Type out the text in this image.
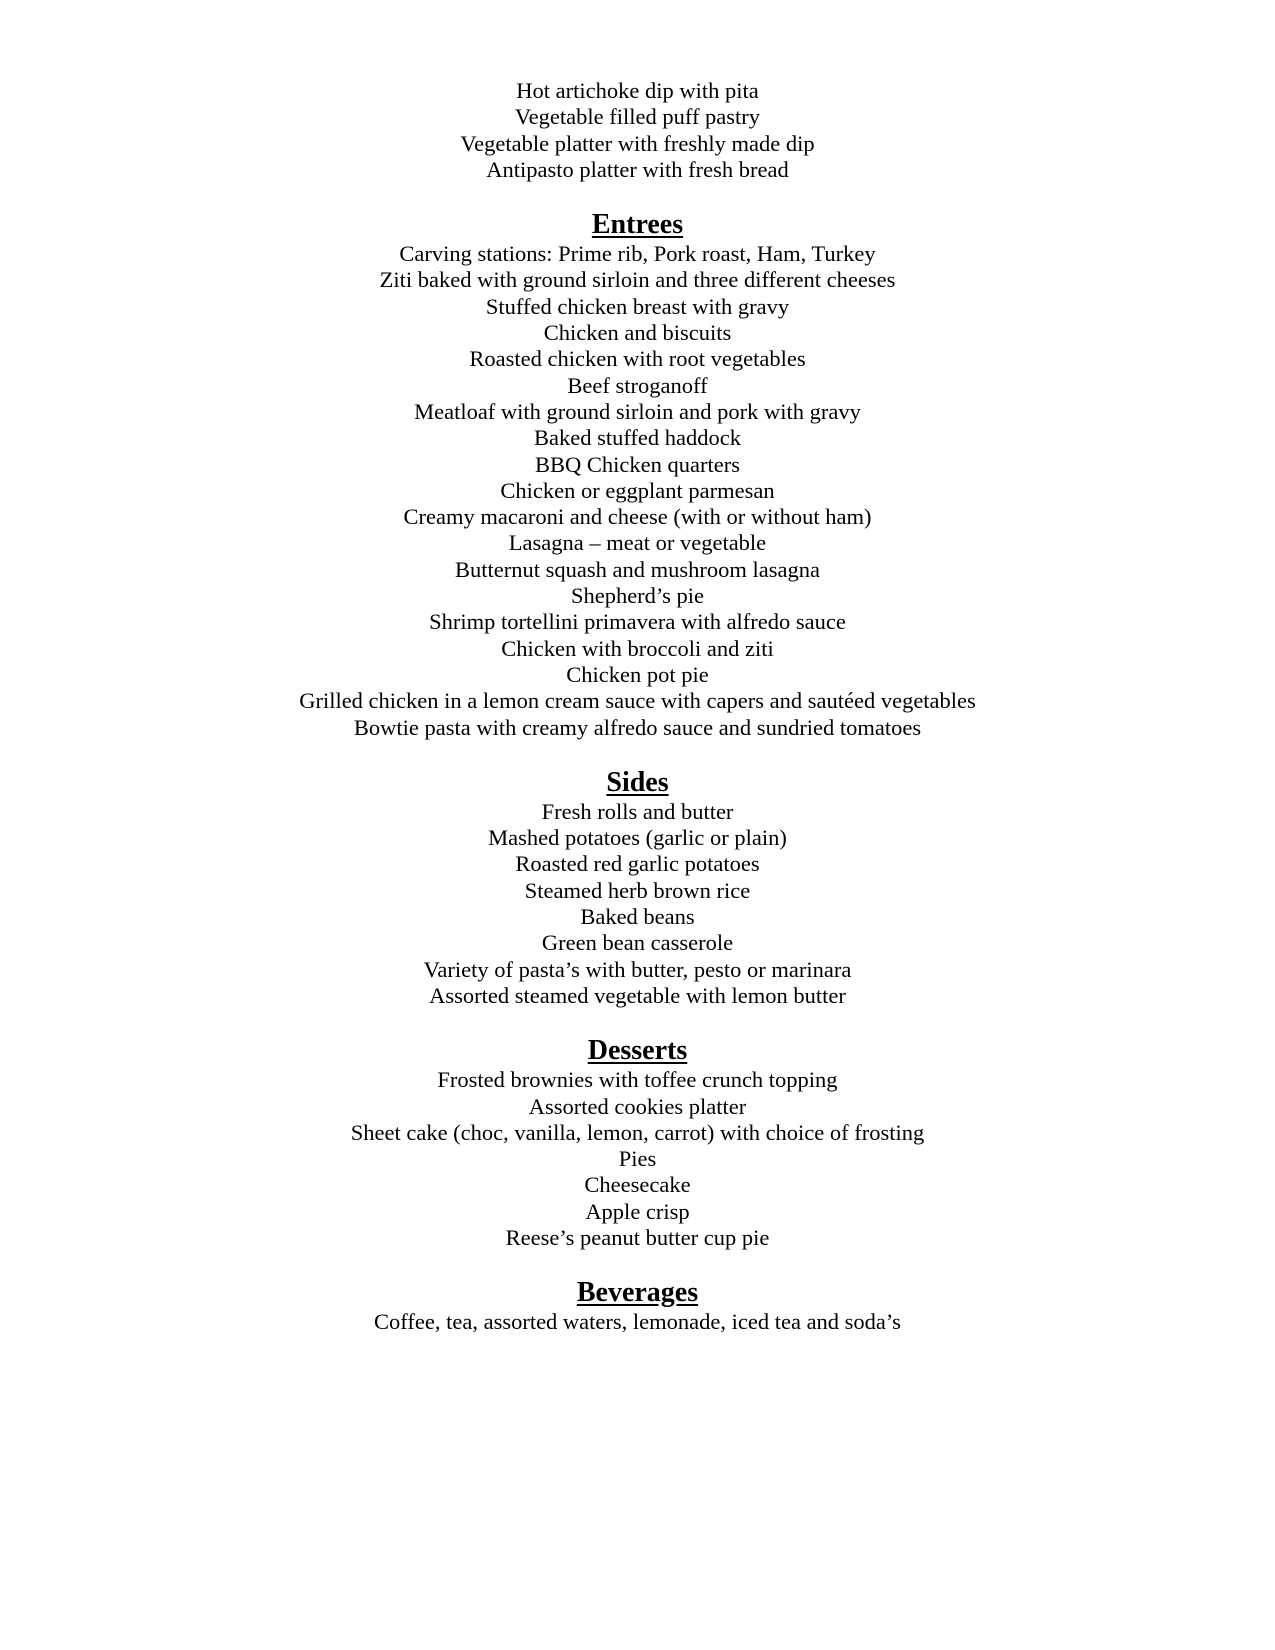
Hot artichoke dip with pita
Vegetable filled puff pastry
Vegetable platter with freshly made dip
Antipasto platter with fresh bread
Entrees
Carving stations: Prime rib, Pork roast, Ham, Turkey
Ziti baked with ground sirloin and three different cheeses
Stuffed chicken breast with gravy
Chicken and biscuits
Roasted chicken with root vegetables
Beef stroganoff
Meatloaf with ground sirloin and pork with gravy
Baked stuffed haddock
BBQ Chicken quarters
Chicken or eggplant parmesan
Creamy macaroni and cheese (with or without ham)
Lasagna – meat or vegetable
Butternut squash and mushroom lasagna
Shepherd’s pie
Shrimp tortellini primavera with alfredo sauce
Chicken with broccoli and ziti
Chicken pot pie
Grilled chicken in a lemon cream sauce with capers and sautéed vegetables
Bowtie pasta with creamy alfredo sauce and sundried tomatoes
Sides
Fresh rolls and butter
Mashed potatoes (garlic or plain)
Roasted red garlic potatoes
Steamed herb brown rice
Baked beans
Green bean casserole
Variety of pasta’s with butter, pesto or marinara
Assorted steamed vegetable with lemon butter
Desserts
Frosted brownies with toffee crunch topping
Assorted cookies platter
Sheet cake (choc, vanilla, lemon, carrot) with choice of frosting
Pies
Cheesecake
Apple crisp
Reese’s peanut butter cup pie
Beverages
Coffee, tea, assorted waters, lemonade, iced tea and soda’s
